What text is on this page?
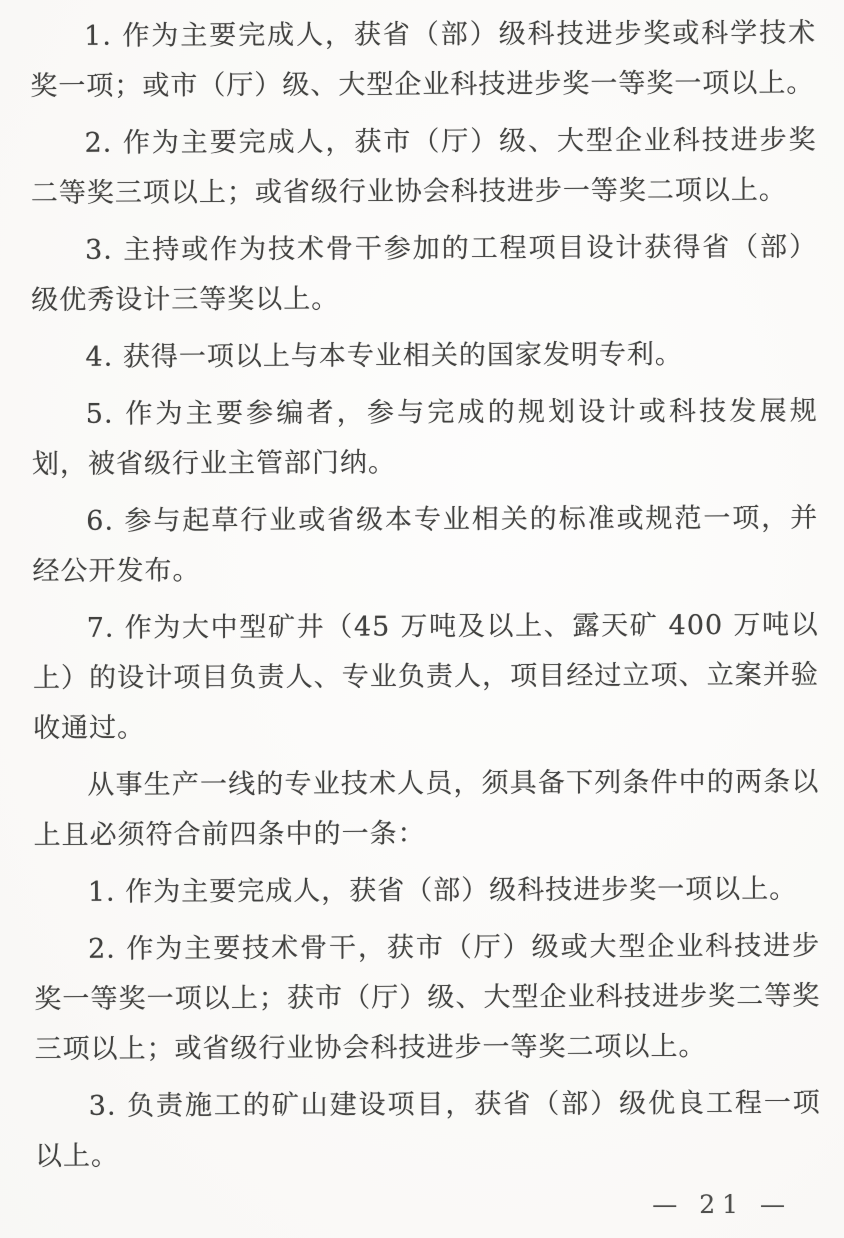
1. 作为主要完成人，获省（部）级科技进步奖或科学技术奖一项；或市（厅）级、大型企业科技进步奖一等奖一项以上。

2. 作为主要完成人，获市（厅）级、大型企业科技进步奖二等奖三项以上；或省级行业协会科技进步一等奖二项以上。

3. 主持或作为技术骨干参加的工程项目设计获得省（部）级优秀设计三等奖以上。

4. 获得一项以上与本专业相关的国家发明专利。

5. 作为主要参编者，参与完成的规划设计或科技发展规划，被省级行业主管部门纳。

6. 参与起草行业或省级本专业相关的标准或规范一项，并经公开发布。

7. 作为大中型矿井（45 万吨及以上、露天矿 400 万吨以上）的设计项目负责人、专业负责人，项目经过立项、立案并验收通过。

从事生产一线的专业技术人员，须具备下列条件中的两条以上且必须符合前四条中的一条：

1. 作为主要完成人，获省（部）级科技进步奖一项以上。

2. 作为主要技术骨干，获市（厅）级或大型企业科技进步奖一等奖一项以上；获市（厅）级、大型企业科技进步奖二等奖三项以上；或省级行业协会科技进步一等奖二项以上。

3. 负责施工的矿山建设项目，获省（部）级优良工程一项以上。

— 21 —
